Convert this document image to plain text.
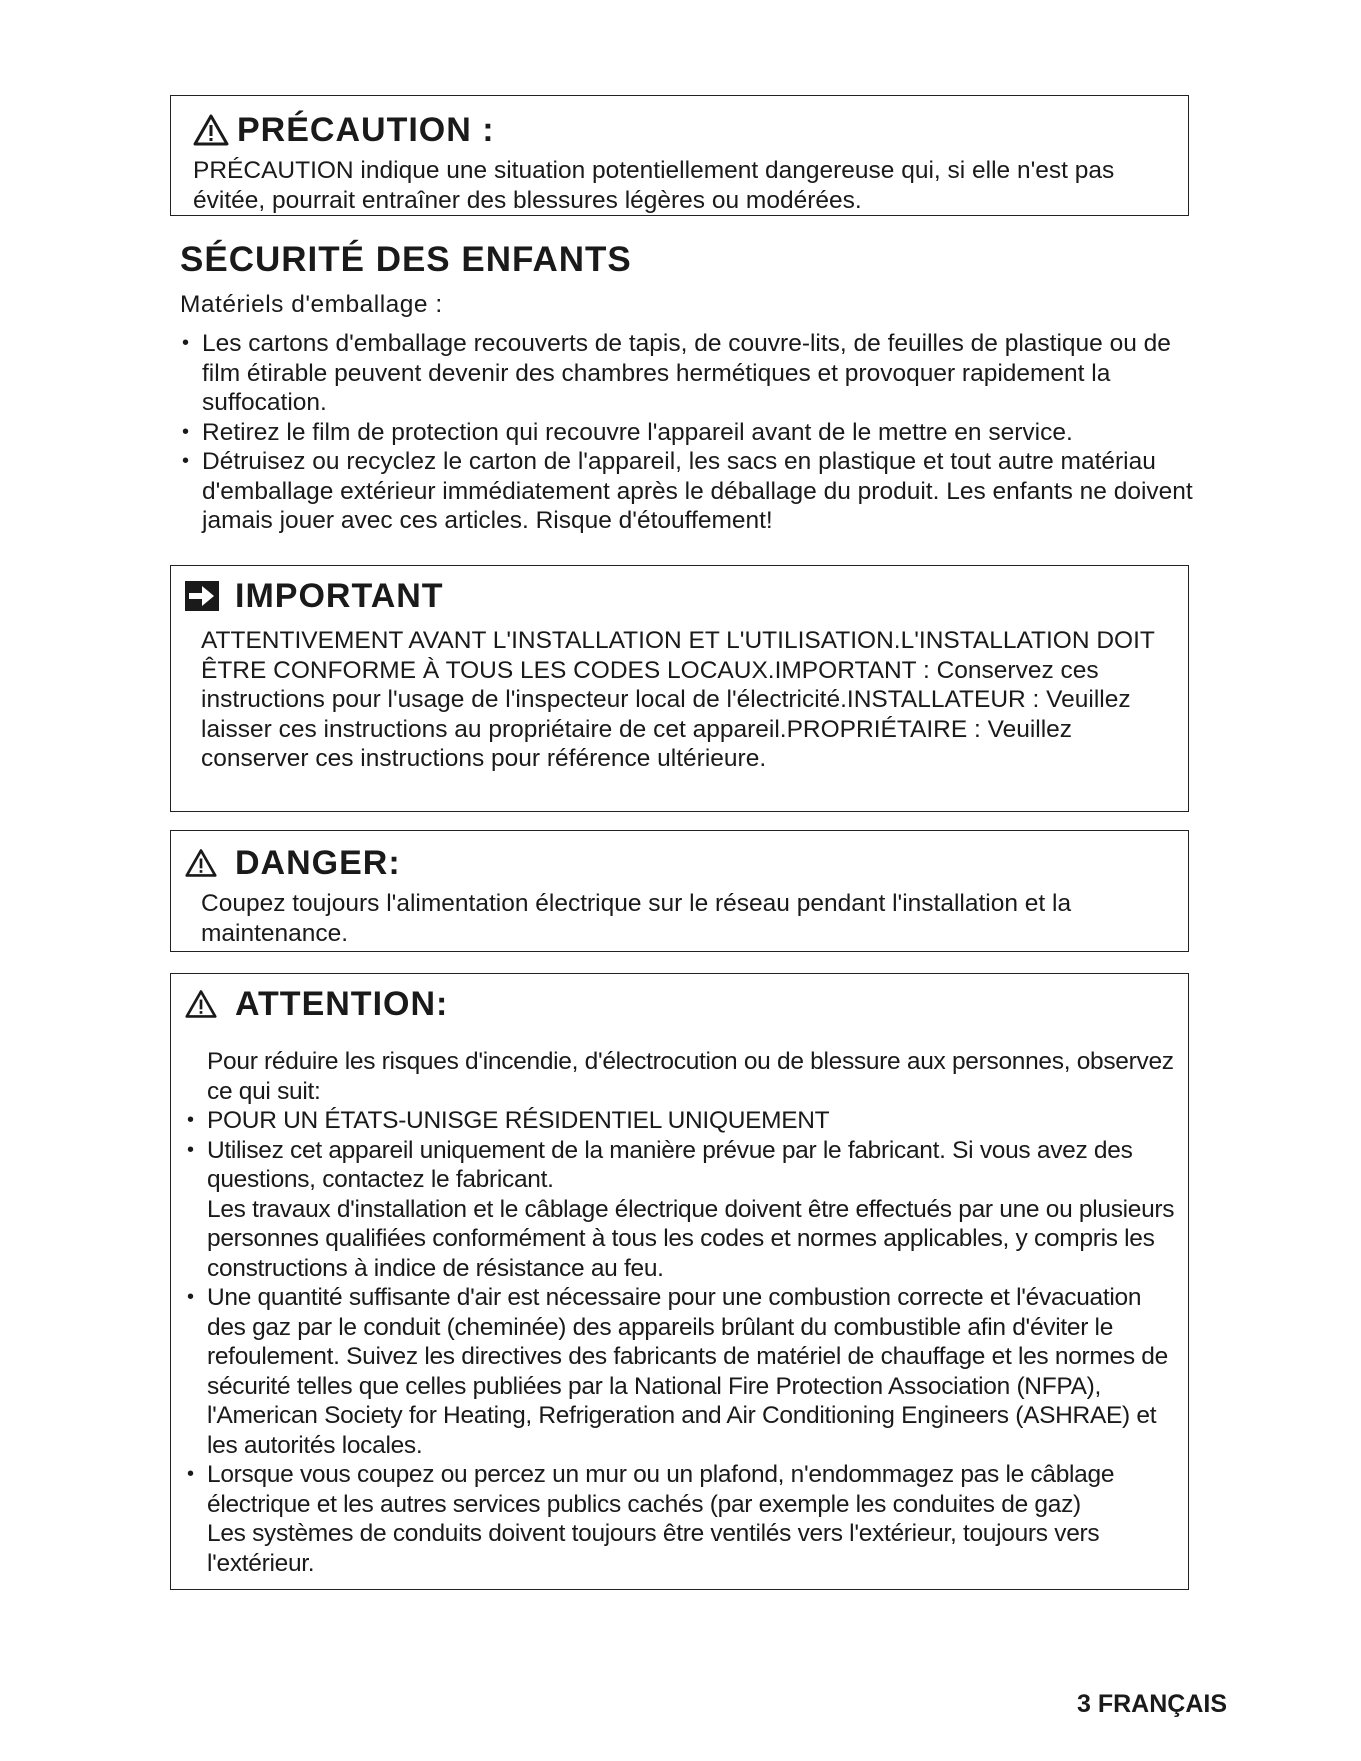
PRÉCAUTION :
PRÉCAUTION indique une situation potentiellement dangereuse qui, si elle n'est pas évitée, pourrait entraîner des blessures légères ou modérées.
SÉCURITÉ DES ENFANTS
Matériels d'emballage :
• Les cartons d'emballage recouverts de tapis, de couvre-lits, de feuilles de plastique ou de film étirable peuvent devenir des chambres hermétiques et provoquer rapidement la suffocation.
• Retirez le film de protection qui recouvre l'appareil avant de le mettre en service.
• Détruisez ou recyclez le carton de l'appareil, les sacs en plastique et tout autre matériau d'emballage extérieur immédiatement après le déballage du produit. Les enfants ne doivent jamais jouer avec ces articles. Risque d'étouffement!
IMPORTANT
ATTENTIVEMENT AVANT L'INSTALLATION ET L'UTILISATION.L'INSTALLATION DOIT ÊTRE CONFORME À TOUS LES CODES LOCAUX.IMPORTANT : Conservez ces instructions pour l'usage de l'inspecteur local de l'électricité.INSTALLATEUR : Veuillez laisser ces instructions au propriétaire de cet appareil.PROPRIÉTAIRE : Veuillez conserver ces instructions pour référence ultérieure.
DANGER:
Coupez toujours l'alimentation électrique sur le réseau pendant l'installation et la maintenance.
ATTENTION:
Pour réduire les risques d'incendie, d'électrocution ou de blessure aux personnes, observez ce qui suit:
• POUR UN ÉTATS-UNISGE RÉSIDENTIEL UNIQUEMENT
• Utilisez cet appareil uniquement de la manière prévue par le fabricant. Si vous avez des questions, contactez le fabricant.
Les travaux d'installation et le câblage électrique doivent être effectués par une ou plusieurs personnes qualifiées conformément à tous les codes et normes applicables, y compris les constructions à indice de résistance au feu.
• Une quantité suffisante d'air est nécessaire pour une combustion correcte et l'évacuation des gaz par le conduit (cheminée) des appareils brûlant du combustible afin d'éviter le refoulement. Suivez les directives des fabricants de matériel de chauffage et les normes de sécurité telles que celles publiées par la National Fire Protection Association (NFPA), l'American Society for Heating, Refrigeration and Air Conditioning Engineers (ASHRAE) et les autorités locales.
• Lorsque vous coupez ou percez un mur ou un plafond, n'endommagez pas le câblage électrique et les autres services publics cachés (par exemple les conduites de gaz)
Les systèmes de conduits doivent toujours être ventilés vers l'extérieur, toujours vers l'extérieur.
3 FRANÇAIS
